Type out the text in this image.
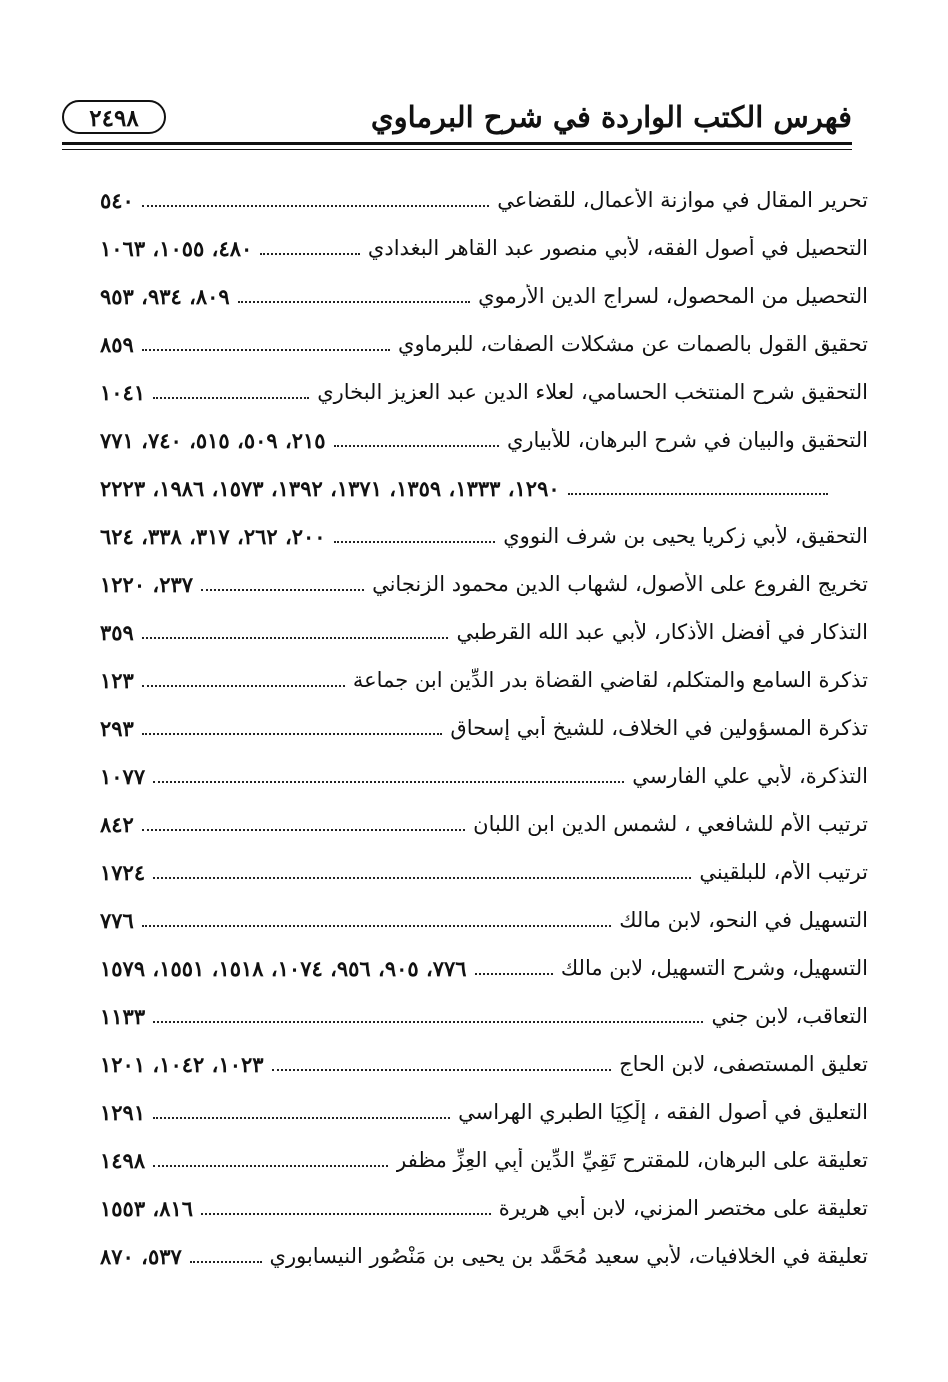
فهرس الكتب الواردة في شرح البرماوي
٢٤٩٨
تحرير المقال في موازنة الأعمال، للقضاعي
٥٤٠
التحصيل في أصول الفقه، لأبي منصور عبد القاهر البغدادي
٤٨٠، ١٠٥٥، ١٠٦٣
التحصيل من المحصول، لسراج الدين الأرموي
٨٠٩، ٩٣٤، ٩٥٣
تحقيق القول بالصمات عن مشكلات الصفات، للبرماوي
٨٥٩
التحقيق شرح المنتخب الحسامي، لعلاء الدين عبد العزيز البخاري
١٠٤١
التحقيق والبيان في شرح البرهان، للأبياري
٢١٥، ٥٠٩، ٥١٥، ٧٤٠، ٧٧١
١٢٩٠، ١٣٣٣، ١٣٥٩، ١٣٧١، ١٣٩٢، ١٥٧٣، ١٩٨٦، ٢٢٢٣
التحقيق، لأبي زكريا يحيى بن شرف النووي
٢٠٠، ٢٦٢، ٣١٧، ٣٣٨، ٦٢٤
تخريج الفروع على الأصول، لشهاب الدين محمود الزنجاني
٢٣٧، ١٢٢٠
التذكار في أفضل الأذكار، لأبي عبد الله القرطبي
٣٥٩
تذكرة السامع والمتكلم، لقاضي القضاة بدر الدِّين ابن جماعة
١٢٣
تذكرة المسؤولين في الخلاف، للشيخ أبي إسحاق
٢٩٣
التذكرة، لأبي علي الفارسي
١٠٧٧
ترتيب الأُم للشافعي ، لشمس الدين ابن اللبان
٨٤٢
ترتيب الأم، للبلقيني
١٧٢٤
التسهيل في النحو، لابن مالك
٧٧٦
التسهيل، وشرح التسهيل، لابن مالك
٧٧٦، ٩٠٥، ٩٥٦، ١٠٧٤، ١٥١٨، ١٥٥١، ١٥٧٩
التعاقب، لابن جني
١١٣٣
تعليق المستصفى، لابن الحاج
١٠٢٣، ١٠٤٢، ١٢٠١
التعليق في أصول الفقه ، إلْكِيَا الطبري الهراسي
١٢٩١
تعليقة على البرهان، للمقترح تَقِيِّ الدِّين أَبِي العِزِّ مظفر
١٤٩٨
تعليقة على مختصر المزني، لابن أبي هريرة
٨١٦، ١٥٥٣
تعليقة في الخلافيات، لأبي سعيد مُحَمَّد بن يحيى بن مَنْصُور النيسابوري
٥٣٧، ٨٧٠
